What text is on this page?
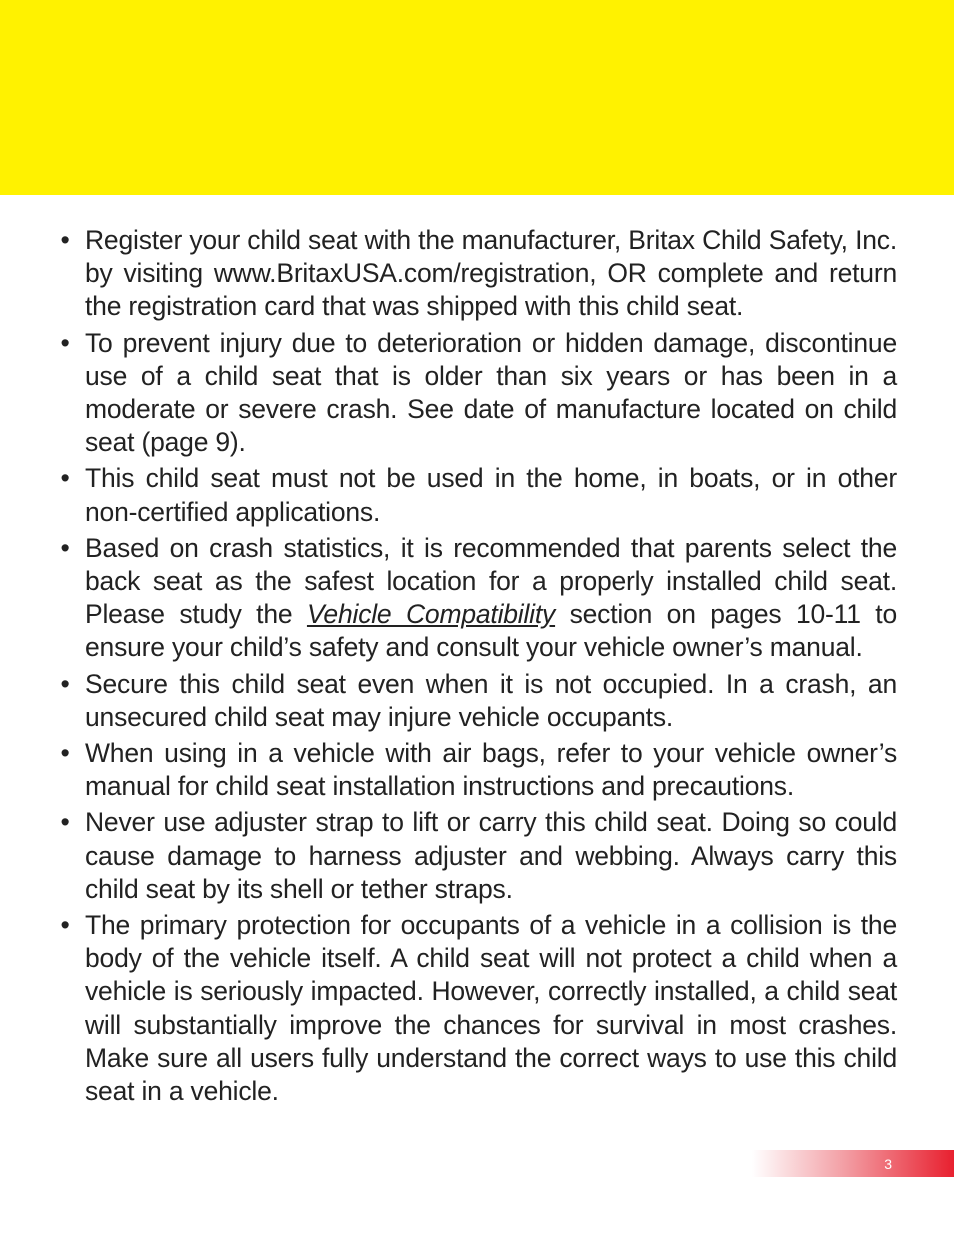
• Register your child seat with the manufacturer, Britax Child Safety, Inc. by visiting www.BritaxUSA.com/registration, OR complete and return the registration card that was shipped with this child seat.
• To prevent injury due to deterioration or hidden damage, discontinue use of a child seat that is older than six years or has been in a moderate or severe crash. See date of manufacture located on child seat (page 9).
• This child seat must not be used in the home, in boats, or in other non-certified applications.
• Based on crash statistics, it is recommended that parents select the back seat as the safest location for a properly installed child seat. Please study the Vehicle Compatibility section on pages 10-11 to ensure your child’s safety and consult your vehicle owner’s manual.
• Secure this child seat even when it is not occupied. In a crash, an unsecured child seat may injure vehicle occupants.
• When using in a vehicle with air bags, refer to your vehicle owner’s manual for child seat installation instructions and precautions.
• Never use adjuster strap to lift or carry this child seat. Doing so could cause damage to harness adjuster and webbing. Always carry this child seat by its shell or tether straps.
• The primary protection for occupants of a vehicle in a collision is the body of the vehicle itself. A child seat will not protect a child when a vehicle is seriously impacted. However, correctly installed, a child seat will substantially improve the chances for survival in most crashes. Make sure all users fully understand the correct ways to use this child seat in a vehicle.
3
